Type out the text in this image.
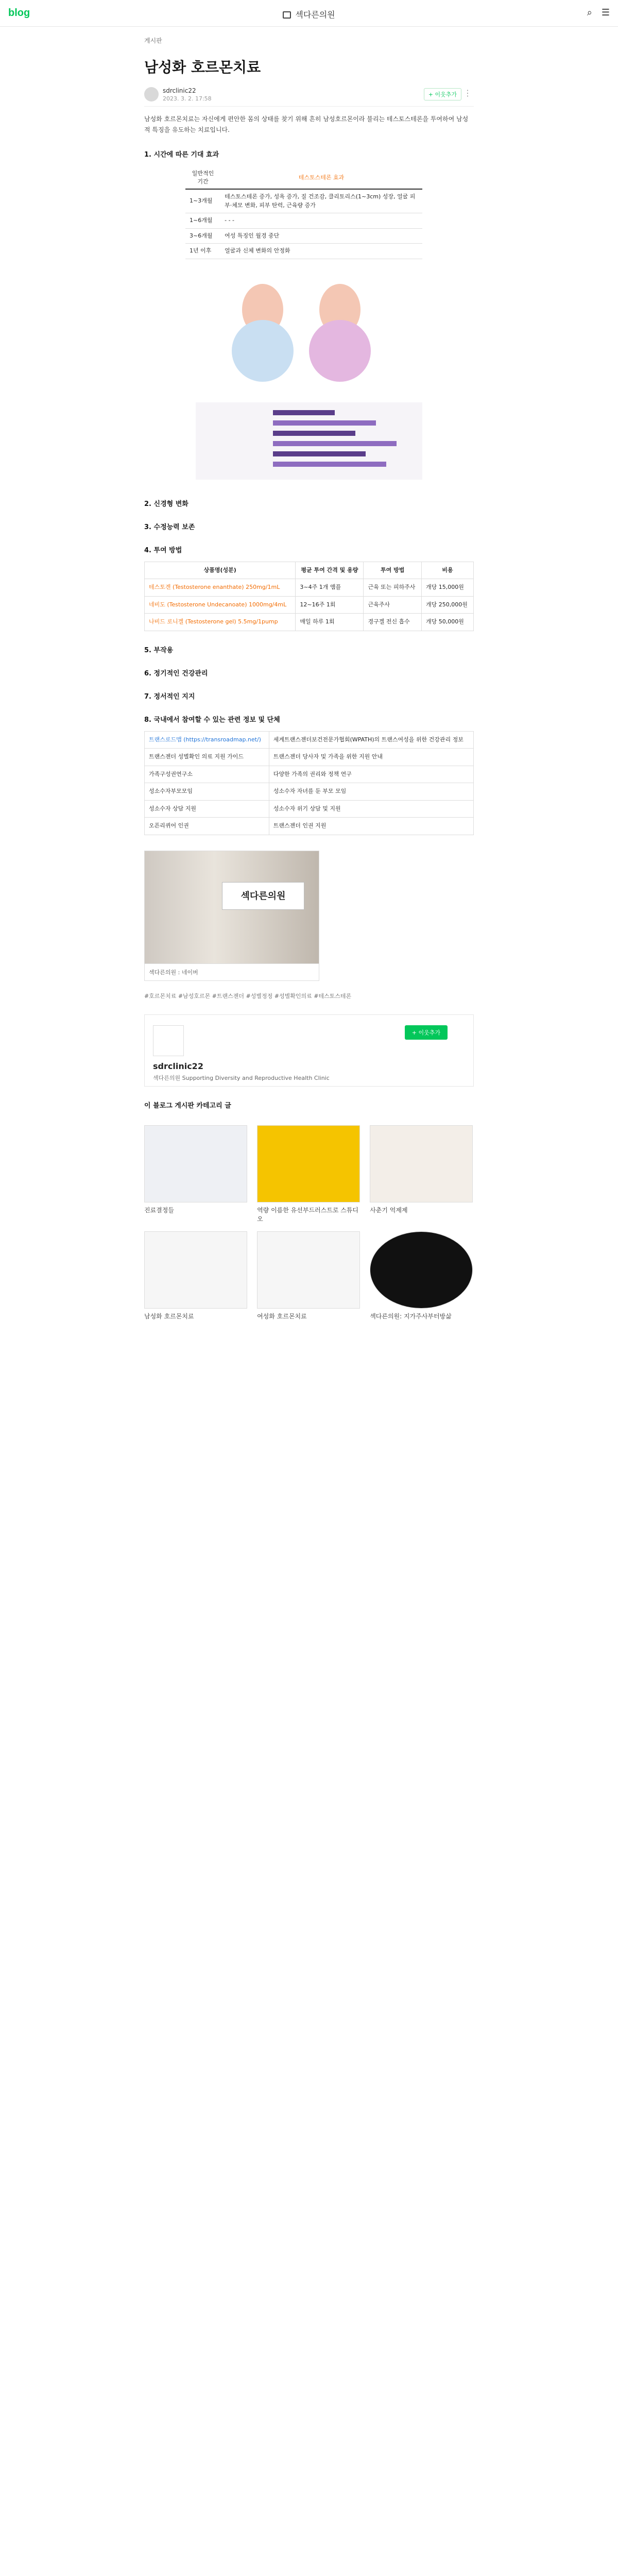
blog	섹다른의원	⌕ ☰
게시판
남성화 호르몬치료
sdrclinic22
2023. 3. 2. 17:58
+ 이웃추가 ⋮
남성화 호르몬치료는 자신에게 편안한 몸의 상태를 찾기 위해 흔히 남성호르몬이라 불리는 테스토스테론을 투여하여 남성적 특징을 유도하는 치료입니다.
1. 시간에 따른 기대 효과
일반적인 기간	테스토스테론 효과
1~3개월	테스토스테론 증가, 성욕 증가, 질 건조감, 클리토리스(1~3cm) 성장, 얼굴 피부·체모 변화, 피부 탄력, 근육량 증가
1~6개월	- - -
3~6개월	여성 특징인 월경 중단
1년 이후	얼굴과 신체 변화의 안정화
2. 신경형 변화
3. 수정능력 보존
4. 투여 방법
상품명(성분)	평균 투여 간격 및 용량	투여 방법	비용
테스토겐 (Testosterone enanthate) 250mg/1mL	3~4주 1개 앰플	근육 또는 피하주사	개당 15,000원
네비도 (Testosterone Undecanoate) 1000mg/4mL	12~16주 1회	근육주사	개당 250,000원
나비드 로니겔 (Testosterone gel) 5.5mg/1pump	매일 하루 1회	경구겔 전신 흡수	개당 50,000원
5. 부작용
6. 정기적인 건강관리
7. 정서적인 지지
8. 국내에서 참여할 수 있는 관련 정보 및 단체
트랜스로드맵 (https://transroadmap.net/)	세계트랜스젠더보건전문가협회(WPATH)의 트랜스여성을 위한 건강관리 정보
트랜스젠더 성별확인 의료 지원 가이드	트랜스젠더 당사자 및 가족을 위한 지원 안내
가족구성권연구소	다양한 가족의 권리와 정책 연구
성소수자부모모임	성소수자 자녀를 둔 부모 모임
성소수자 상담 지원	성소수자 위기 상담 및 지원
오픈리퀴어 인권	트랜스젠더 인권 지원
섹다른의원
섹다른의원 : 네이버
#호르몬치료 #남성호르몬 #트랜스젠더 #성별정정 #성별확인의료 #테스토스테론
sdrclinic22
섹다른의원 Supporting Diversity and Reproductive Health Clinic
+ 이웃추가
이 블로그 게시판 카테고리 글
진료결정들
	역량 이름한 유선부드러스트로 스튜디오

사춘기 억제제
남성화 호르몬치료
	여성화 호르몬치료
	섹다른의원: 지가주사부터방삶
